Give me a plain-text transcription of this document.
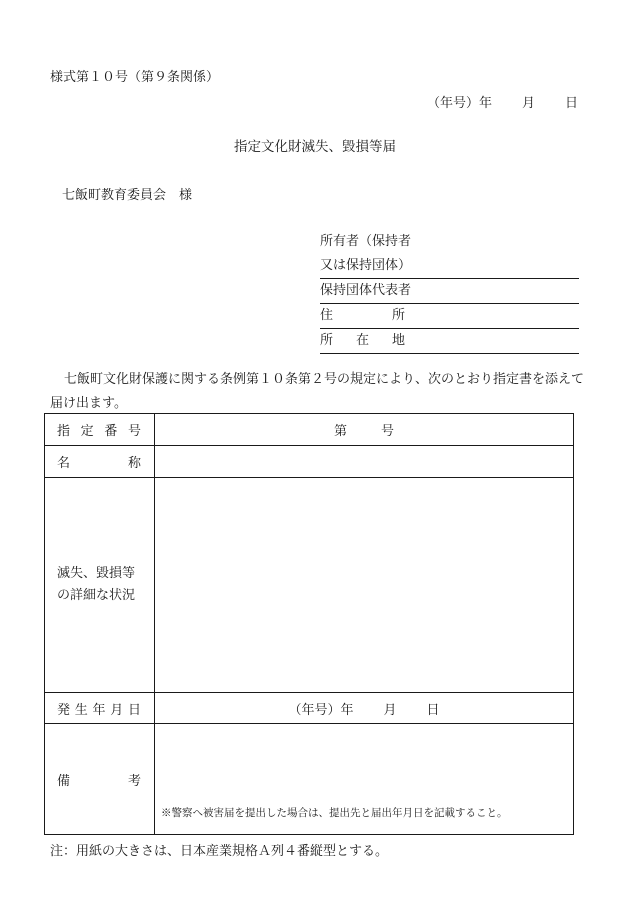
様式第１０号（第９条関係）
（年号）年 月 日
指定文化財滅失、毀損等届
七飯町教育委員会　様
所有者（保持者
又は保持団体）
保持団体代表者
住	所
所 在 地
七飯町文化財保護に関する条例第１０条第２号の規定により、次のとおり指定書を添えて届け出ます。
指 定 番 号	第 号

名 称	

滅失、毀損等
の詳細な状況	

発 生 年 月 日	（年号）年 月 日

備 考	※警察へ被害届を提出した場合は、提出先と届出年月日を記載すること。
注：用紙の大きさは、日本産業規格Ａ列４番縦型とする。
